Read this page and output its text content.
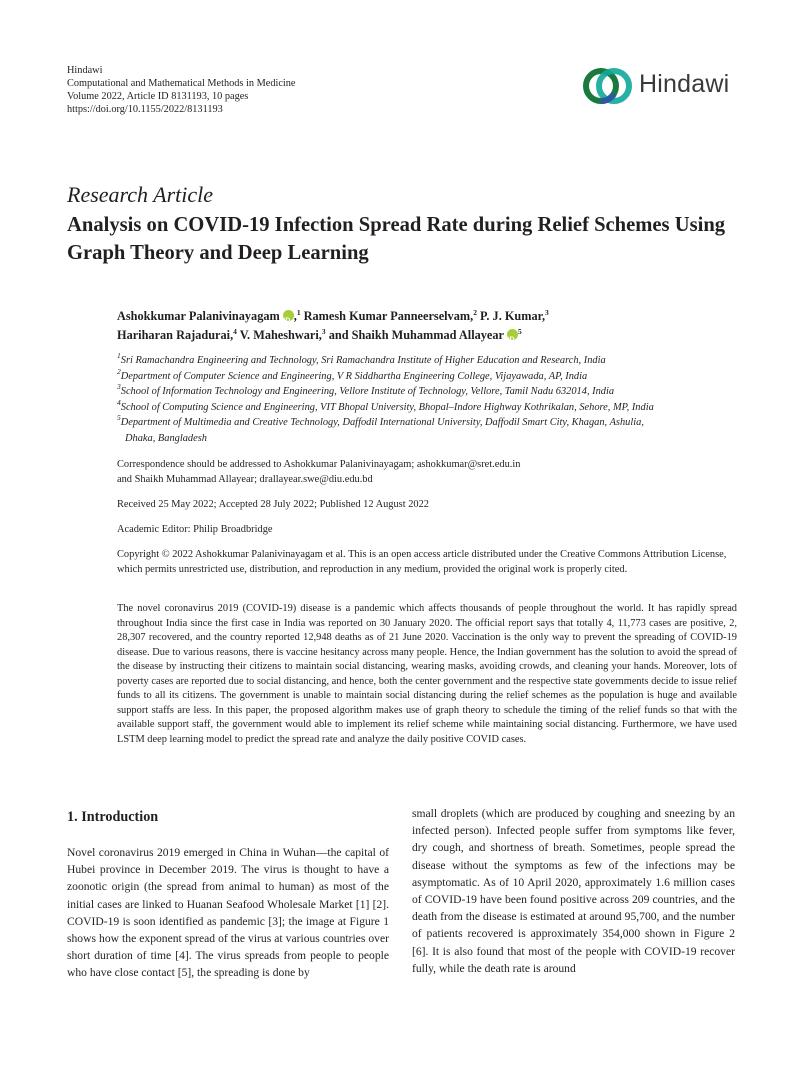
Hindawi
Computational and Mathematical Methods in Medicine
Volume 2022, Article ID 8131193, 10 pages
https://doi.org/10.1155/2022/8131193
Hindawi
Research Article
Analysis on COVID-19 Infection Spread Rate during Relief Schemes Using Graph Theory and Deep Learning
Ashokkumar Palanivinayagam iD ,$^1$ Ramesh Kumar Panneerselvam,$^2$ P. J. Kumar,$^3$
Hariharan Rajadurai,$^4$ V. Maheshwari,$^3$ and Shaikh Muhammad Allayear iD $^5$
$^1$Sri Ramachandra Engineering and Technology, Sri Ramachandra Institute of Higher Education and Research, India
$^2$Department of Computer Science and Engineering, V R Siddhartha Engineering College, Vijayawada, AP, India
$^3$School of Information Technology and Engineering, Vellore Institute of Technology, Vellore, Tamil Nadu 632014, India
$^4$School of Computing Science and Engineering, VIT Bhopal University, Bhopal–Indore Highway Kothrikalan, Sehore, MP, India
$^5$Department of Multimedia and Creative Technology, Daffodil International University, Daffodil Smart City, Khagan, Ashulia,
Dhaka, Bangladesh
Correspondence should be addressed to Ashokkumar Palanivinayagam; ashokkumar@sret.edu.in
and Shaikh Muhammad Allayear; drallayear.swe@diu.edu.bd
Received 25 May 2022; Accepted 28 July 2022; Published 12 August 2022
Academic Editor: Philip Broadbridge
Copyright © 2022 Ashokkumar Palanivinayagam et al. This is an open access article distributed under the Creative Commons Attribution License, which permits unrestricted use, distribution, and reproduction in any medium, provided the original work is properly cited.
The novel coronavirus 2019 (COVID-19) disease is a pandemic which affects thousands of people throughout the world. It has rapidly spread throughout India since the first case in India was reported on 30 January 2020. The official report says that totally 4, 11,773 cases are positive, 2, 28,307 recovered, and the country reported 12,948 deaths as of 21 June 2020. Vaccination is the only way to prevent the spreading of COVID-19 disease. Due to various reasons, there is vaccine hesitancy across many people. Hence, the Indian government has the solution to avoid the spread of the disease by instructing their citizens to maintain social distancing, wearing masks, avoiding crowds, and cleaning your hands. Moreover, lots of poverty cases are reported due to social distancing, and hence, both the center government and the respective state governments decide to issue relief funds to all its citizens. The government is unable to maintain social distancing during the relief schemes as the population is huge and available support staffs are less. In this paper, the proposed algorithm makes use of graph theory to schedule the timing of the relief funds so that with the available support staff, the government would able to implement its relief scheme while maintaining social distancing. Furthermore, we have used LSTM deep learning model to predict the spread rate and analyze the daily positive COVID cases.
1. Introduction

Novel coronavirus 2019 emerged in China in Wuhan—the capital of Hubei province in December 2019. The virus is thought to have a zoonotic origin (the spread from animal to human) as most of the initial cases are linked to Huanan Seafood Wholesale Market [1] [2]. COVID-19 is soon identified as pandemic [3]; the image at Figure 1 shows how the exponent spread of the virus at various countries over short duration of time [4]. The virus spreads from people to people who have close contact [5], the spreading is done by

small droplets (which are produced by coughing and sneezing by an infected person). Infected people suffer from symptoms like fever, dry cough, and shortness of breath. Sometimes, people spread the disease without the symptoms as few of the infections may be asymptomatic. As of 10 April 2020, approximately 1.6 million cases of COVID-19 have been found positive across 209 countries, and the death from the disease is estimated at around 95,700, and the number of patients recovered is approximately 354,000 shown in Figure 2 [6]. It is also found that most of the people with COVID-19 recover fully, while the death rate is around
